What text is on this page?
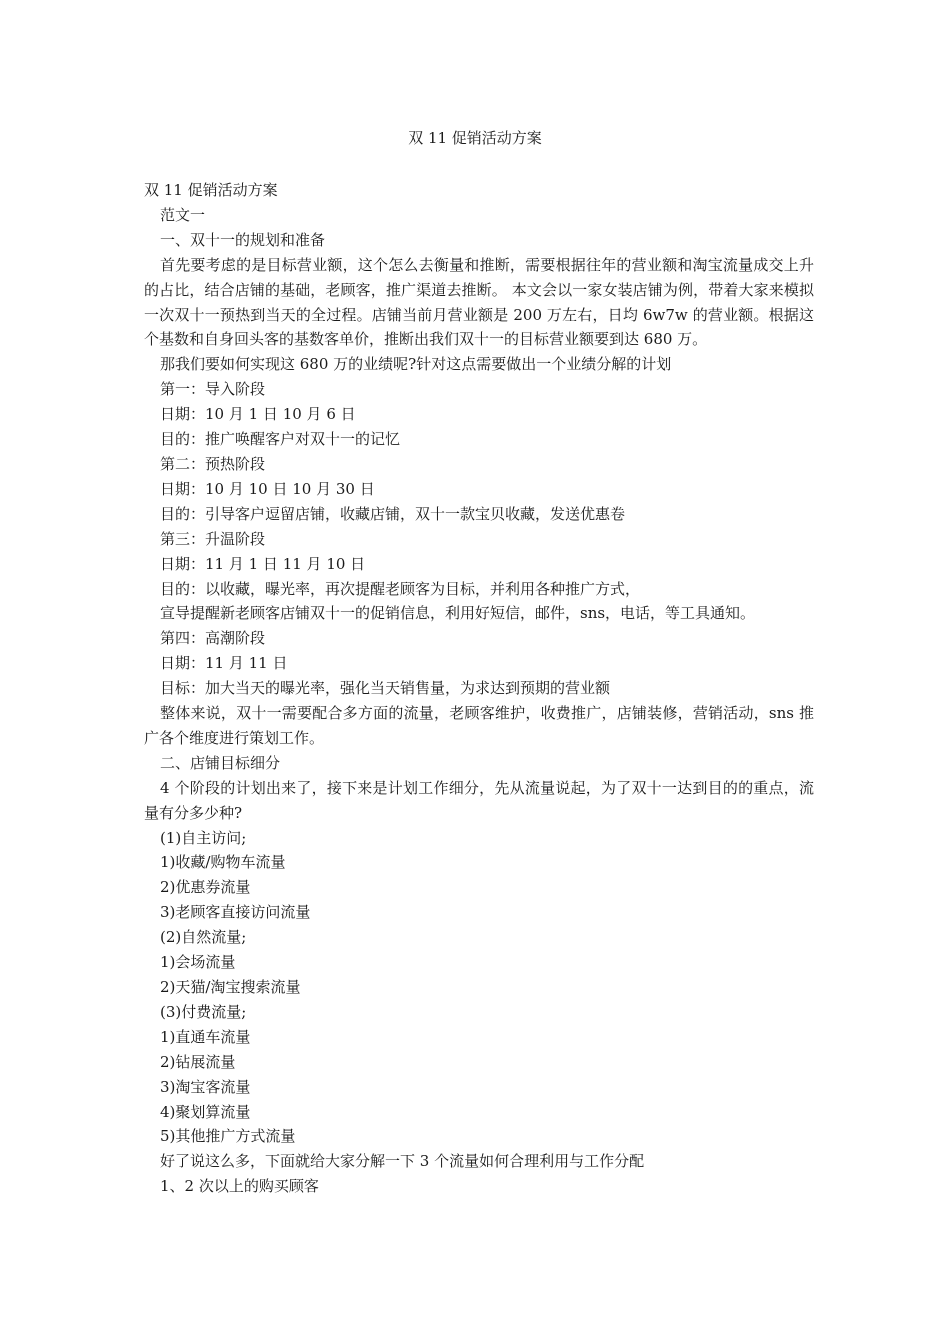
双 11 促销活动方案
双 11 促销活动方案
范文一
一、双十一的规划和准备
首先要考虑的是目标营业额，这个怎么去衡量和推断，需要根据往年的营业额和淘宝流量成交上升的占比，结合店铺的基础，老顾客，推广渠道去推断。 本文会以一家女装店铺为例，带着大家来模拟一次双十一预热到当天的全过程。店铺当前月营业额是 200 万左右，日均 6w7w 的营业额。根据这个基数和自身回头客的基数客单价，推断出我们双十一的目标营业额要到达 680 万。
那我们要如何实现这 680 万的业绩呢?针对这点需要做出一个业绩分解的计划
第一：导入阶段
日期：10 月 1 日 10 月 6 日
目的：推广唤醒客户对双十一的记忆
第二：预热阶段
日期：10 月 10 日 10 月 30 日
目的：引导客户逗留店铺，收藏店铺，双十一款宝贝收藏，发送优惠卷
第三：升温阶段
日期：11 月 1 日 11 月 10 日
目的：以收藏，曝光率，再次提醒老顾客为目标，并利用各种推广方式，
宣导提醒新老顾客店铺双十一的促销信息，利用好短信，邮件，sns，电话，等工具通知。
第四：高潮阶段
日期：11 月 11 日
目标：加大当天的曝光率，强化当天销售量，为求达到预期的营业额
整体来说，双十一需要配合多方面的流量，老顾客维护，收费推广，店铺装修，营销活动，sns 推广各个维度进行策划工作。
二、店铺目标细分
4 个阶段的计划出来了，接下来是计划工作细分，先从流量说起，为了双十一达到目的的重点，流量有分多少种?
(1)自主访问;
1)收藏/购物车流量
2)优惠券流量
3)老顾客直接访问流量
(2)自然流量;
1)会场流量
2)天猫/淘宝搜索流量
(3)付费流量;
1)直通车流量
2)钻展流量
3)淘宝客流量
4)聚划算流量
5)其他推广方式流量
好了说这么多，下面就给大家分解一下 3 个流量如何合理利用与工作分配
1、2 次以上的购买顾客
